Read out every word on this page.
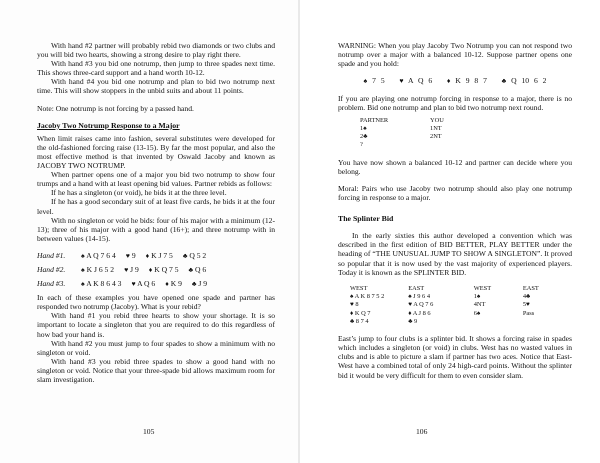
With hand #2 partner will probably rebid two diamonds or two clubs and you will bid two hearts, showing a strong desire to play right there.

With hand #3 you bid one notrump, then jump to three spades next time. This shows three-card support and a hand worth 10-12.

With hand #4 you bid one notrump and plan to bid two notrump next time. This will show stoppers in the unbid suits and about 11 points.

Note: One notrump is not forcing by a passed hand.

Jacoby Two Notrump Response to a Major

When limit raises came into fashion, several substitutes were developed for the old-fashioned forcing raise (13-15). By far the most popular, and also the most effective method is that invented by Oswald Jacoby and known as JACOBY TWO NOTRUMP.

When partner opens one of a major you bid two notrump to show four trumps and a hand with at least opening bid values. Partner rebids as follows:

If he has a singleton (or void), he bids it at the three level.

If he has a good secondary suit of at least five cards, he bids it at the four level.

With no singleton or void he bids: four of his major with a minimum (12-13); three of his major with a good hand (16+); and three notrump with in between values (14-15).

Hand #1.	♠ A Q 7 6 4 ♥ 9 ♦ K J 7 5 ♣ Q 5 2
Hand #2.	♠ K J 6 5 2 ♥ J 9 ♦ K Q 7 5 ♣ Q 6
Hand #3.	♠ A K 8 6 4 3 ♥ A Q 6 ♦ K 9 ♣ J 9

In each of these examples you have opened one spade and partner has responded two notrump (Jacoby). What is your rebid?

With hand #1 you rebid three hearts to show your shortage. It is so important to locate a singleton that you are required to do this regardless of how bad your hand is.

With hand #2 you must jump to four spades to show a minimum with no singleton or void.

With hand #3 you rebid three spades to show a good hand with no singleton or void. Notice that your three-spade bid allows maximum room for slam investigation.

105

WARNING: When you play Jacoby Two Notrump you can not respond two notrump over a major with a balanced 10-12. Suppose partner opens one spade and you hold:

♠ 7 5 ♥ A Q 6 ♦ K 9 8 7 ♣ Q 10 6 2

If you are playing one notrump forcing in response to a major, there is no problem. Bid one notrump and plan to bid two notrump next round.

PARTNER	YOU
1♠	1NT
2♣	2NT
?	

You have now shown a balanced 10-12 and partner can decide where you belong.

Moral: Pairs who use Jacoby two notrump should also play one notrump forcing in response to a major.

The Splinter Bid

In the early sixties this author developed a convention which was described in the first edition of BID BETTER, PLAY BETTER under the heading of “THE UNUSUAL JUMP TO SHOW A SINGLETON”. It proved so popular that it is now used by the vast majority of experienced players. Today it is known as the SPLINTER BID.

WEST	EAST	WEST	EAST
♠ A K 8 7 5 2	♠ J 9 6 4	1♠	4♣
♥ 8	♥ A Q 7 6	4NT	5♥
♦ K Q 7	♦ A J 8 6	6♠	Pass
♣ 8 7 4	♣ 9		

East’s jump to four clubs is a splinter bid. It shows a forcing raise in spades which includes a singleton (or void) in clubs. West has no wasted values in clubs and is able to picture a slam if partner has two aces. Notice that East-West have a combined total of only 24 high-card points. Without the splinter bid it would be very difficult for them to even consider slam.

106
